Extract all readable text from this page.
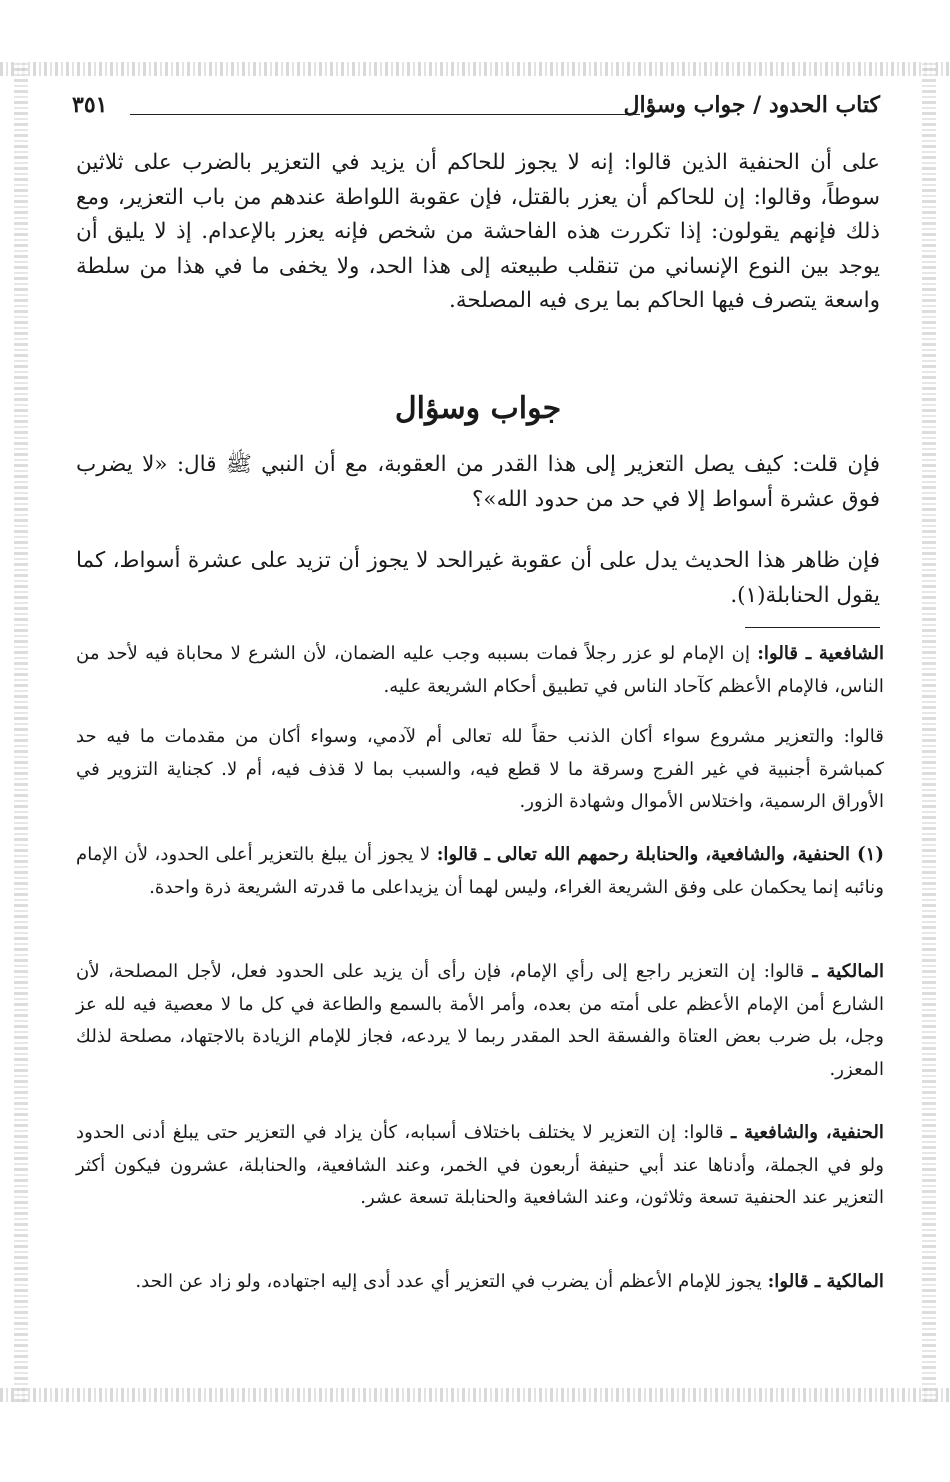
كتاب الحدود / جواب وسؤال
٣٥١

على أن الحنفية الذين قالوا: إنه لا يجوز للحاكم أن يزيد في التعزير بالضرب على ثلاثين سوطاً، وقالوا: إن للحاكم أن يعزر بالقتل، فإن عقوبة اللواطة عندهم من باب التعزير، ومع ذلك فإنهم يقولون: إذا تكررت هذه الفاحشة من شخص فإنه يعزر بالإعدام. إذ لا يليق أن يوجد بين النوع الإنساني من تنقلب طبيعته إلى هذا الحد، ولا يخفى ما في هذا من سلطة واسعة يتصرف فيها الحاكم بما يرى فيه المصلحة.

جواب وسؤال

فإن قلت: كيف يصل التعزير إلى هذا القدر من العقوبة، مع أن النبي ﷺ قال: «لا يضرب فوق عشرة أسواط إلا في حد من حدود الله»؟

فإن ظاهر هذا الحديث يدل على أن عقوبة غيرالحد لا يجوز أن تزيد على عشرة أسواط، كما يقول الحنابلة(١).

الشافعية ـ قالوا: إن الإمام لو عزر رجلاً فمات بسببه وجب عليه الضمان، لأن الشرع لا محاباة فيه لأحد من الناس، فالإمام الأعظم كآحاد الناس في تطبيق أحكام الشريعة عليه.

قالوا: والتعزير مشروع سواء أكان الذنب حقاً لله تعالى أم لآدمي، وسواء أكان من مقدمات ما فيه حد كمباشرة أجنبية في غير الفرج وسرقة ما لا قطع فيه، والسبب بما لا قذف فيه، أم لا. كجناية التزوير في الأوراق الرسمية، واختلاس الأموال وشهادة الزور.

(١) الحنفية، والشافعية، والحنابلة رحمهم الله تعالى ـ قالوا: لا يجوز أن يبلغ بالتعزير أعلى الحدود، لأن الإمام ونائبه إنما يحكمان على وفق الشريعة الغراء، وليس لهما أن يزيداعلى ما قدرته الشريعة ذرة واحدة.

المالكية ـ قالوا: إن التعزير راجع إلى رأي الإمام، فإن رأى أن يزيد على الحدود فعل، لأجل المصلحة، لأن الشارع أمن الإمام الأعظم على أمته من بعده، وأمر الأمة بالسمع والطاعة في كل ما لا معصية فيه لله عز وجل، بل ضرب بعض العتاة والفسقة الحد المقدر ربما لا يردعه، فجاز للإمام الزيادة بالاجتهاد، مصلحة لذلك المعزر.

الحنفية، والشافعية ـ قالوا: إن التعزير لا يختلف باختلاف أسبابه، كأن يزاد في التعزير حتى يبلغ أدنى الحدود ولو في الجملة، وأدناها عند أبي حنيفة أربعون في الخمر، وعند الشافعية، والحنابلة، عشرون فيكون أكثر التعزير عند الحنفية تسعة وثلاثون، وعند الشافعية والحنابلة تسعة عشر.

المالكية ـ قالوا: يجوز للإمام الأعظم أن يضرب في التعزير أي عدد أدى إليه اجتهاده، ولو زاد عن الحد.
